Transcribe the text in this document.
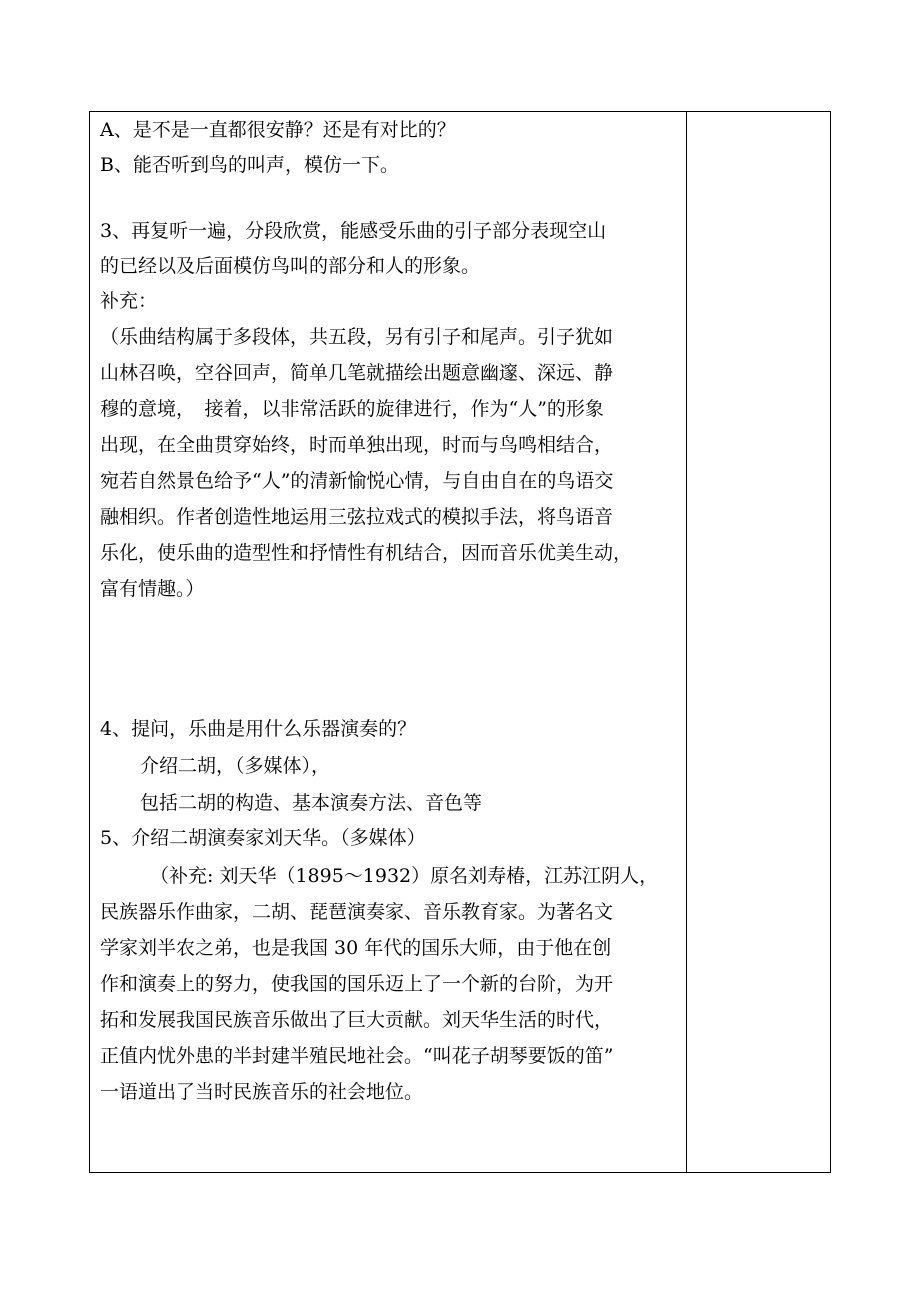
A、是不是一直都很安静？还是有对比的？
B、能否听到鸟的叫声，模仿一下。
3、再复听一遍，分段欣赏，能感受乐曲的引子部分表现空山
的已经以及后面模仿鸟叫的部分和人的形象。
补充：
（乐曲结构属于多段体，共五段，另有引子和尾声。引子犹如
山林召唤，空谷回声，简单几笔就描绘出题意幽邃、深远、静
穆的意境，　接着，以非常活跃的旋律进行，作为“人”的形象
出现，在全曲贯穿始终，时而单独出现，时而与鸟鸣相结合，
宛若自然景色给予“人”的清新愉悦心情，与自由自在的鸟语交
融相织。作者创造性地运用三弦拉戏式的模拟手法，将鸟语音
乐化，使乐曲的造型性和抒情性有机结合，因而音乐优美生动，
富有情趣。）
4、提问，乐曲是用什么乐器演奏的？
介绍二胡，（多媒体），
包括二胡的构造、基本演奏方法、音色等
5、介绍二胡演奏家刘天华。（多媒体）
（补充: 刘天华（1895～1932）原名刘寿椿，江苏江阴人，
民族器乐作曲家，二胡、琵琶演奏家、音乐教育家。为著名文
学家刘半农之弟，也是我国 30 年代的国乐大师，由于他在创
作和演奏上的努力，使我国的国乐迈上了一个新的台阶，为开
拓和发展我国民族音乐做出了巨大贡献。刘天华生活的时代，
正值内忧外患的半封建半殖民地社会。“叫花子胡琴要饭的笛”
一语道出了当时民族音乐的社会地位。
